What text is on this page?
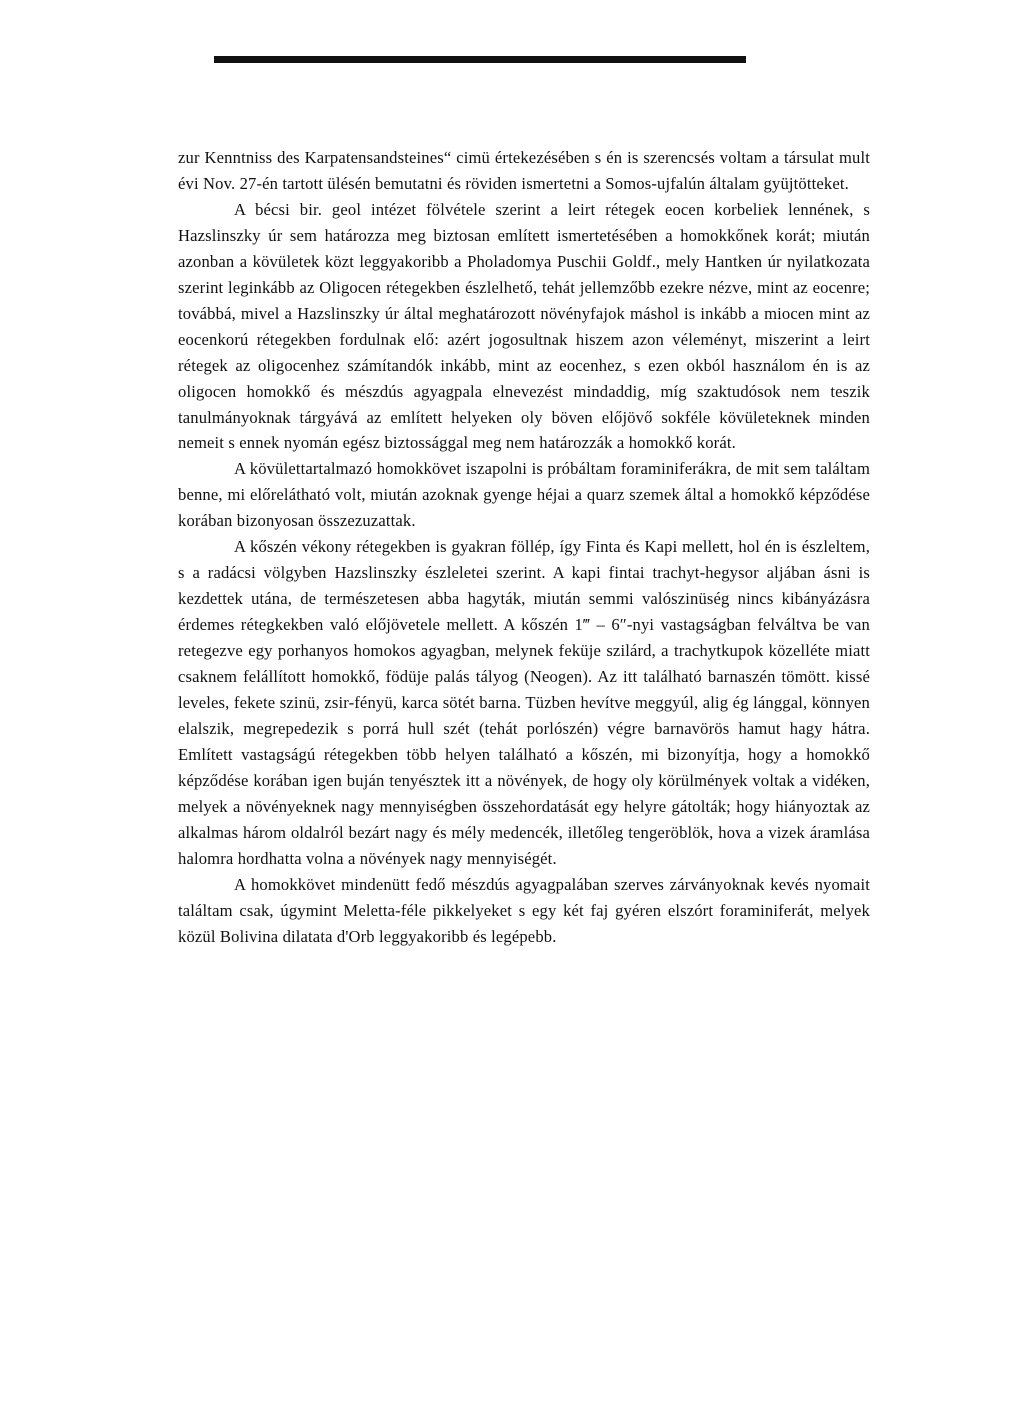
zur Kenntniss des Karpatensandsteines“ cimü értekezésében s én is szerencsés voltam a társulat mult évi Nov. 27-én tartott ülésén bemutatni és röviden ismertetni a Somos-ujfalún általam gyüjtötteket.

A bécsi bir. geol intézet fölvétele szerint a leirt rétegek eocen korbeliek lennének, s Hazslinszky úr sem határozza meg biztosan említett ismertetésében a homokkőnek korát; miután azonban a kövületek közt leggyakoribb a Pholadomya Puschii Goldf., mely Hantken úr nyilatkozata szerint leginkább az Oligocen rétegekben észlelhető, tehát jellemzőbb ezekre nézve, mint az eocenre; továbbá, mivel a Hazslinszky úr által meghatározott növényfajok máshol is inkább a miocen mint az eocenkorú rétegekben fordulnak elő: azért jogosultnak hiszem azon véleményt, miszerint a leirt rétegek az oligocenhez számítandók inkább, mint az eocenhez, s ezen okból használom én is az oligocen homokkő és mészdús agyagpala elnevezést mindaddig, míg szaktudósok nem teszik tanulmányoknak tárgyává az említett helyeken oly böven előjövő sokféle kövületeknek minden nemeit s ennek nyomán egész biztossággal meg nem határozzák a homokkő korát.

A kövülettartalmazó homokkövet iszapolni is próbáltam foraminiferákra, de mit sem találtam benne, mi előrelátható volt, miután azoknak gyenge héjai a quarz szemek által a homokkő képződése korában bizonyosan összezuzattak.

A kőszén vékony rétegekben is gyakran föllép, így Finta és Kapi mellett, hol én is észleltem, s a radácsi völgyben Hazslinszky észleletei szerint. A kapi fintai trachyt-hegysor aljában ásni is kezdettek utána, de természetesen abba hagyták, miután semmi valószinüség nincs kibányázásra érdemes rétegkekben való előjövetele mellett. A kőszén 1‴ – 6″-nyi vastagságban felváltva be van retegezve egy porhanyos homokos agyagban, melynek feküje szilárd, a trachytkupok közelléte miatt csaknem felállított homokkő, födüje palás tályog (Neogen). Az itt található barnaszén tömött. kissé leveles, fekete szinü, zsir-fényü, karca sötét barna. Tüzben hevítve meggyúl, alig ég lánggal, könnyen elalszik, megrepedezik s porrá hull szét (tehát porlószén) végre barnavörös hamut hagy hátra. Említett vastagságú rétegekben több helyen található a kőszén, mi bizonyítja, hogy a homokkő képződése korában igen buján tenyésztek itt a növények, de hogy oly körülmények voltak a vidéken, melyek a növényeknek nagy mennyiségben összehordatását egy helyre gátolták; hogy hiányoztak az alkalmas három oldalról bezárt nagy és mély medencék, illetőleg tengeröblök, hova a vizek áramlása halomra hordhatta volna a növények nagy mennyiségét.

A homokkövet mindenütt fedő mészdús agyagpalában szerves zárványoknak kevés nyomait találtam csak, úgymint Meletta-féle pikkelyeket s egy két faj gyéren elszórt foraminiferát, melyek közül Bolivina dilatata d'Orb leggyakoribb és legépebb.
